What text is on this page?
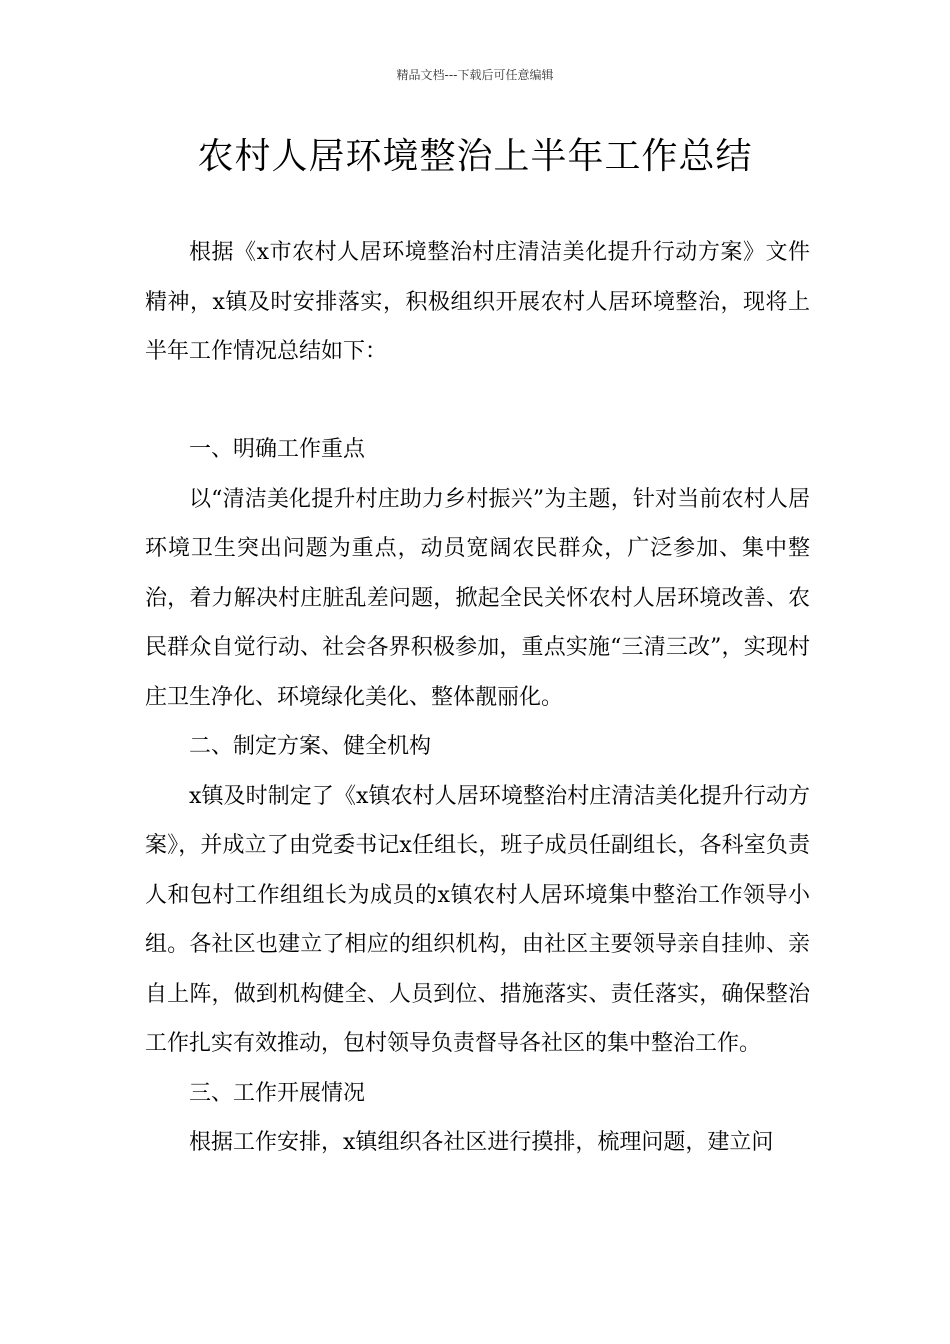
精品文档---下载后可任意编辑
农村人居环境整治上半年工作总结

根据《x市农村人居环境整治村庄清洁美化提升行动方案》文件精神，x镇及时安排落实，积极组织开展农村人居环境整治，现将上半年工作情况总结如下：

一、明确工作重点

以“清洁美化提升村庄助力乡村振兴”为主题，针对当前农村人居环境卫生突出问题为重点，动员宽阔农民群众，广泛参加、集中整治，着力解决村庄脏乱差问题，掀起全民关怀农村人居环境改善、农民群众自觉行动、社会各界积极参加，重点实施“三清三改”，实现村庄卫生净化、环境绿化美化、整体靓丽化。

二、制定方案、健全机构

x镇及时制定了《x镇农村人居环境整治村庄清洁美化提升行动方案》，并成立了由党委书记x任组长，班子成员任副组长，各科室负责人和包村工作组组长为成员的x镇农村人居环境集中整治工作领导小组。各社区也建立了相应的组织机构，由社区主要领导亲自挂帅、亲自上阵，做到机构健全、人员到位、措施落实、责任落实，确保整治工作扎实有效推动，包村领导负责督导各社区的集中整治工作。

三、工作开展情况

根据工作安排，x镇组织各社区进行摸排，梳理问题，建立问
